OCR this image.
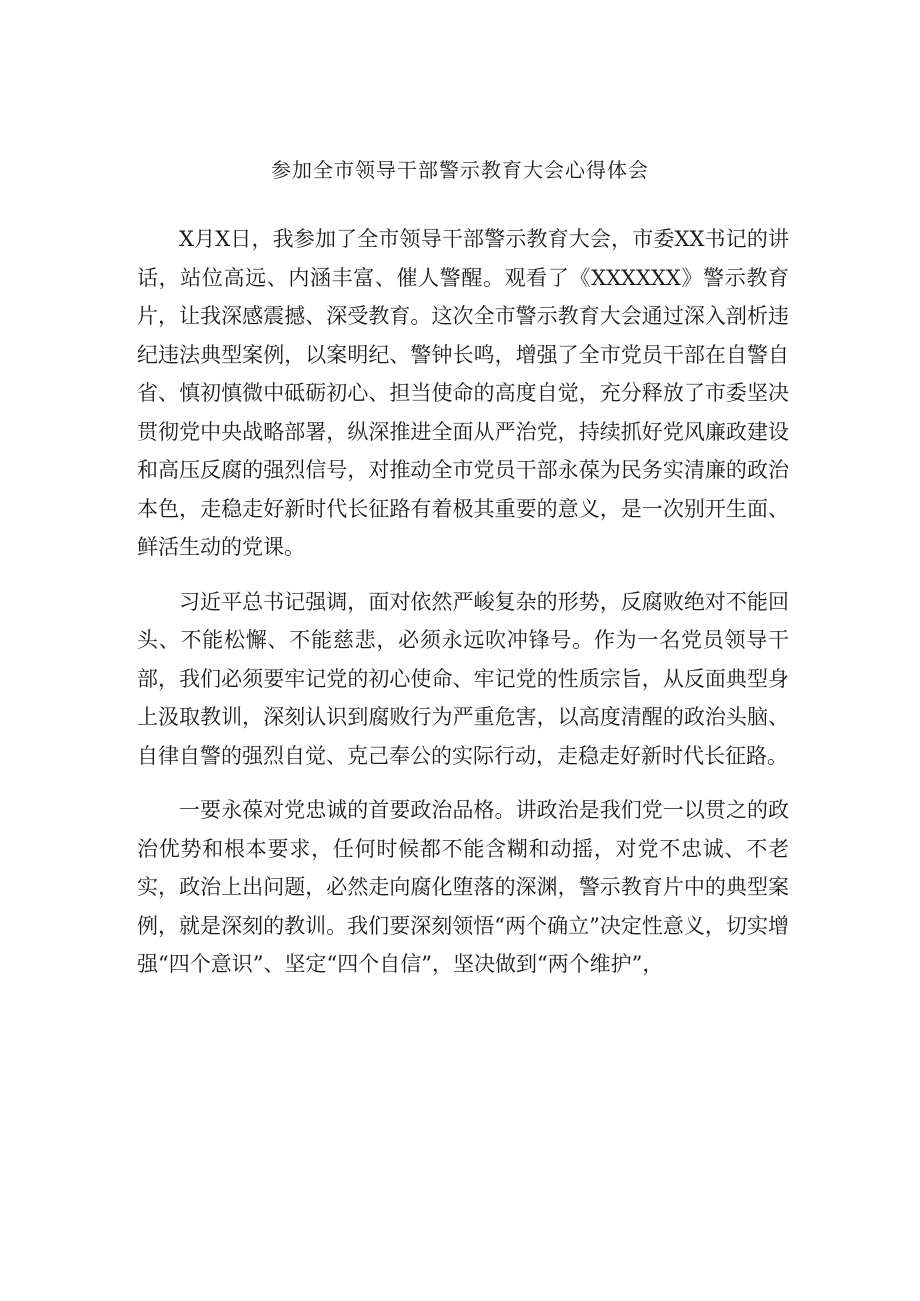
参加全市领导干部警示教育大会心得体会

X月X日，我参加了全市领导干部警示教育大会，市委XX书记的讲话，站位高远、内涵丰富、催人警醒。观看了《XXXXXX》警示教育片，让我深感震撼、深受教育。这次全市警示教育大会通过深入剖析违纪违法典型案例，以案明纪、警钟长鸣，增强了全市党员干部在自警自省、慎初慎微中砥砺初心、担当使命的高度自觉，充分释放了市委坚决贯彻党中央战略部署，纵深推进全面从严治党，持续抓好党风廉政建设和高压反腐的强烈信号，对推动全市党员干部永葆为民务实清廉的政治本色，走稳走好新时代长征路有着极其重要的意义，是一次别开生面、鲜活生动的党课。

习近平总书记强调，面对依然严峻复杂的形势，反腐败绝对不能回头、不能松懈、不能慈悲，必须永远吹冲锋号。作为一名党员领导干部，我们必须要牢记党的初心使命、牢记党的性质宗旨，从反面典型身上汲取教训，深刻认识到腐败行为严重危害，以高度清醒的政治头脑、自律自警的强烈自觉、克己奉公的实际行动，走稳走好新时代长征路。

一要永葆对党忠诚的首要政治品格。讲政治是我们党一以贯之的政治优势和根本要求，任何时候都不能含糊和动摇，对党不忠诚、不老实，政治上出问题，必然走向腐化堕落的深渊，警示教育片中的典型案例，就是深刻的教训。我们要深刻领悟“两个确立”决定性意义，切实增强“四个意识”、坚定“四个自信”，坚决做到“两个维护”，
